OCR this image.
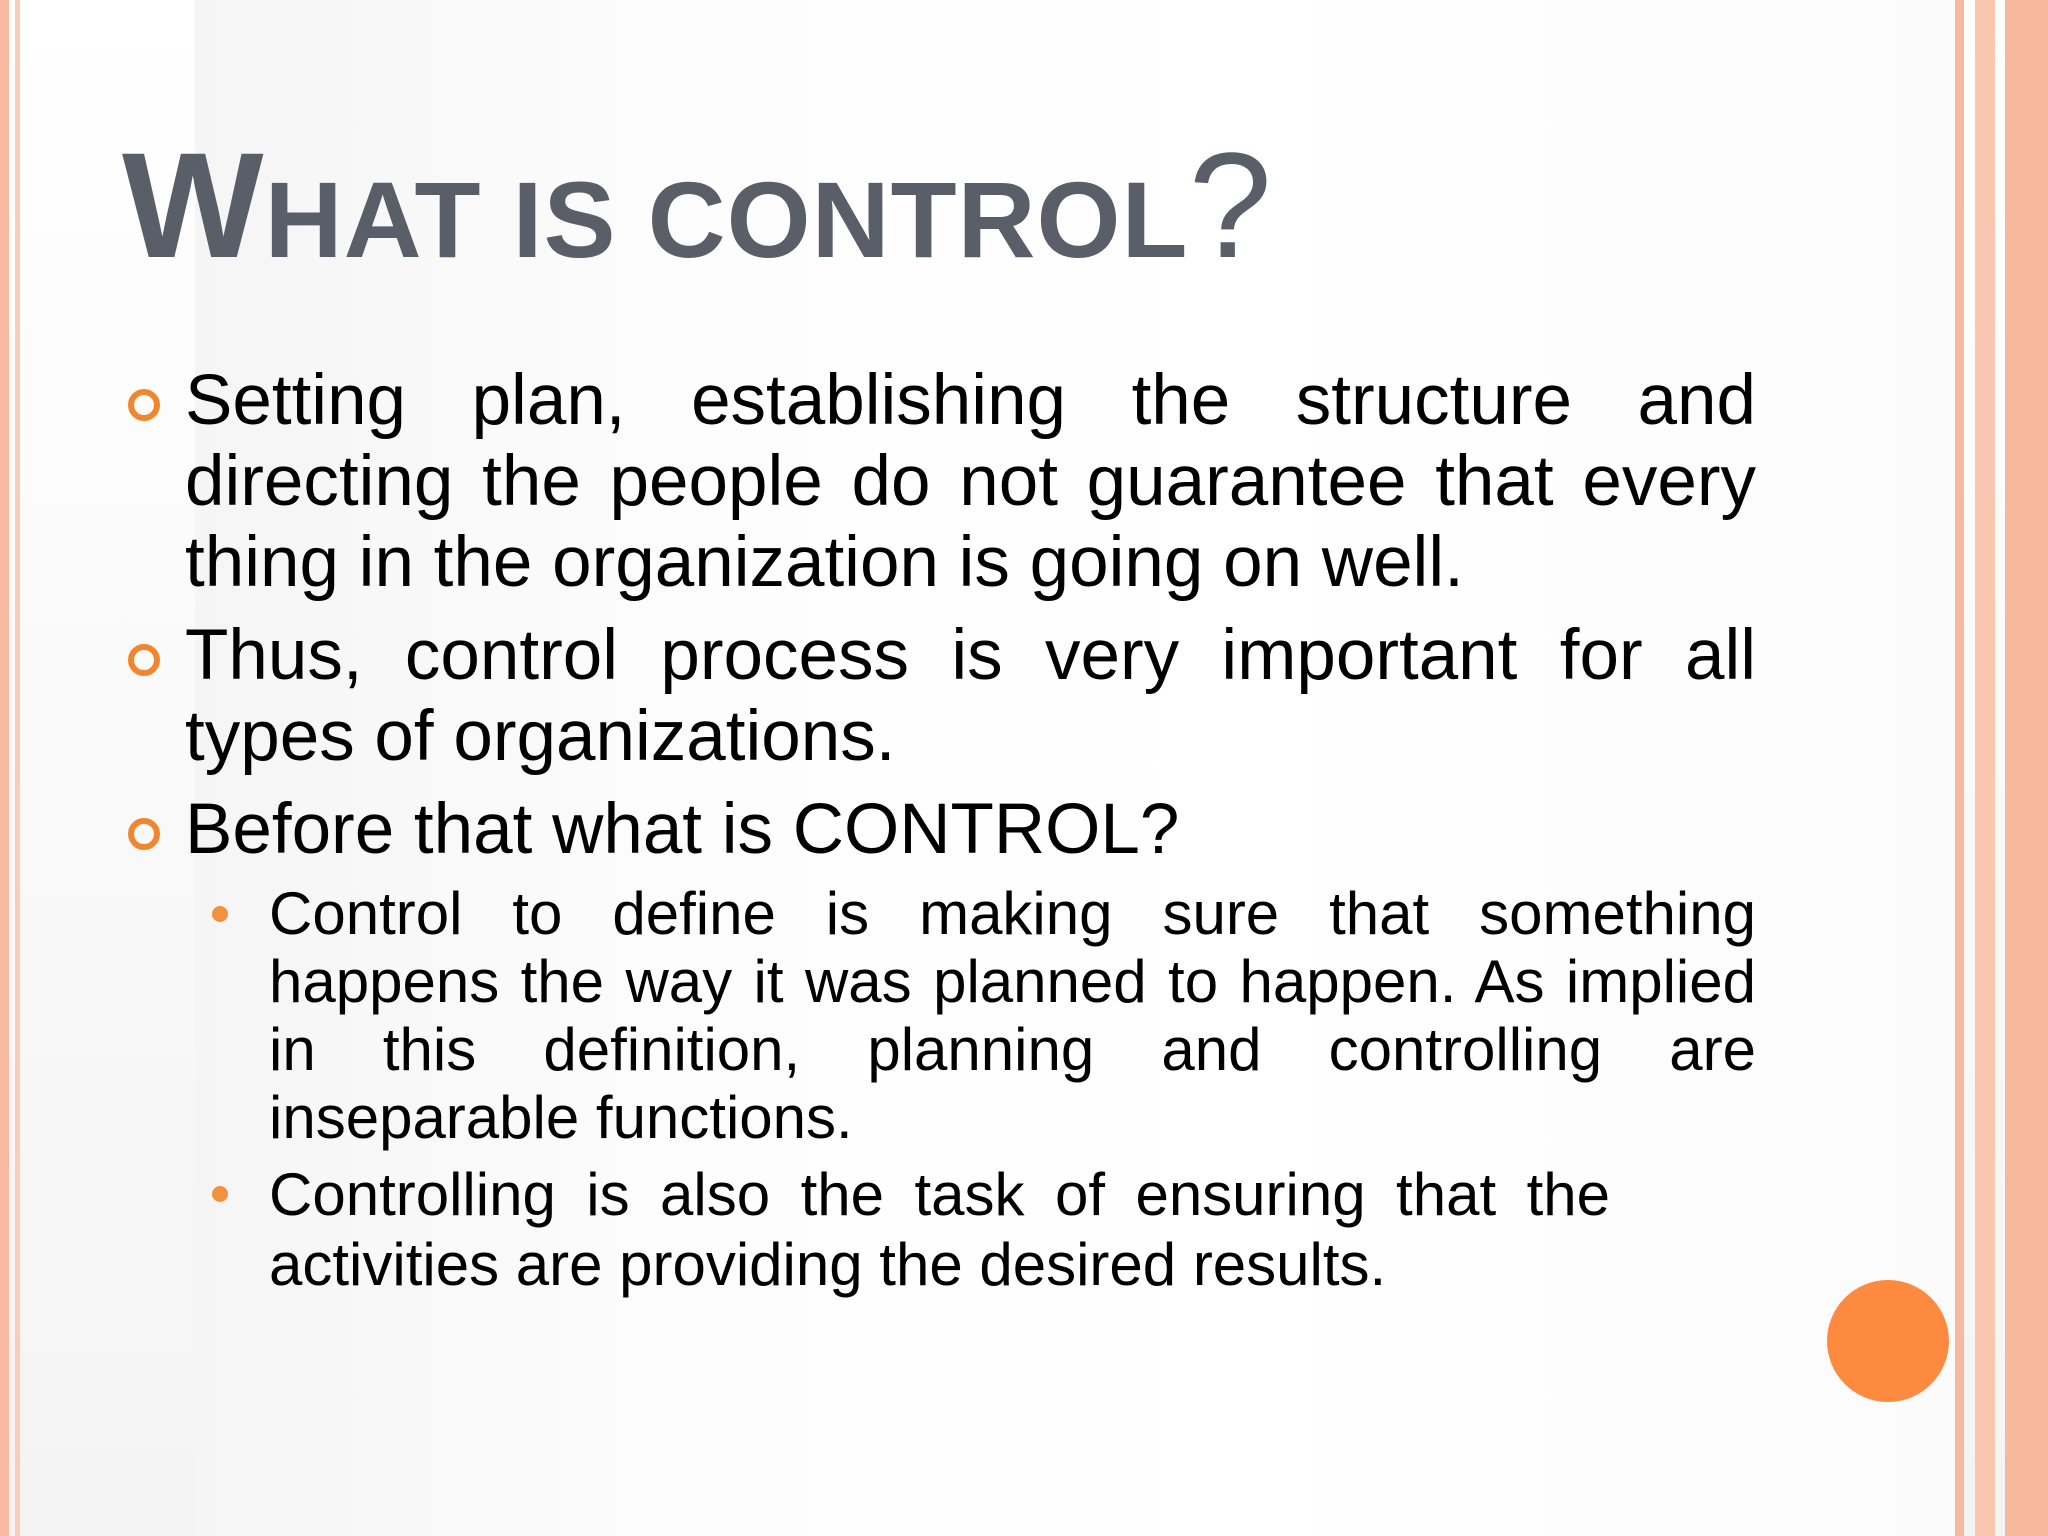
WHAT IS CONTROL?

Setting plan, establishing the structure and directing the people do not guarantee that every thing in the organization is going on well.

Thus, control process is very important for all types of organizations.

Before that what is CONTROL?

Control to define is making sure that something happens the way it was planned to happen. As implied in this definition, planning and controlling are inseparable functions.

Controlling is also the task of ensuring that the activities are providing the desired results.
